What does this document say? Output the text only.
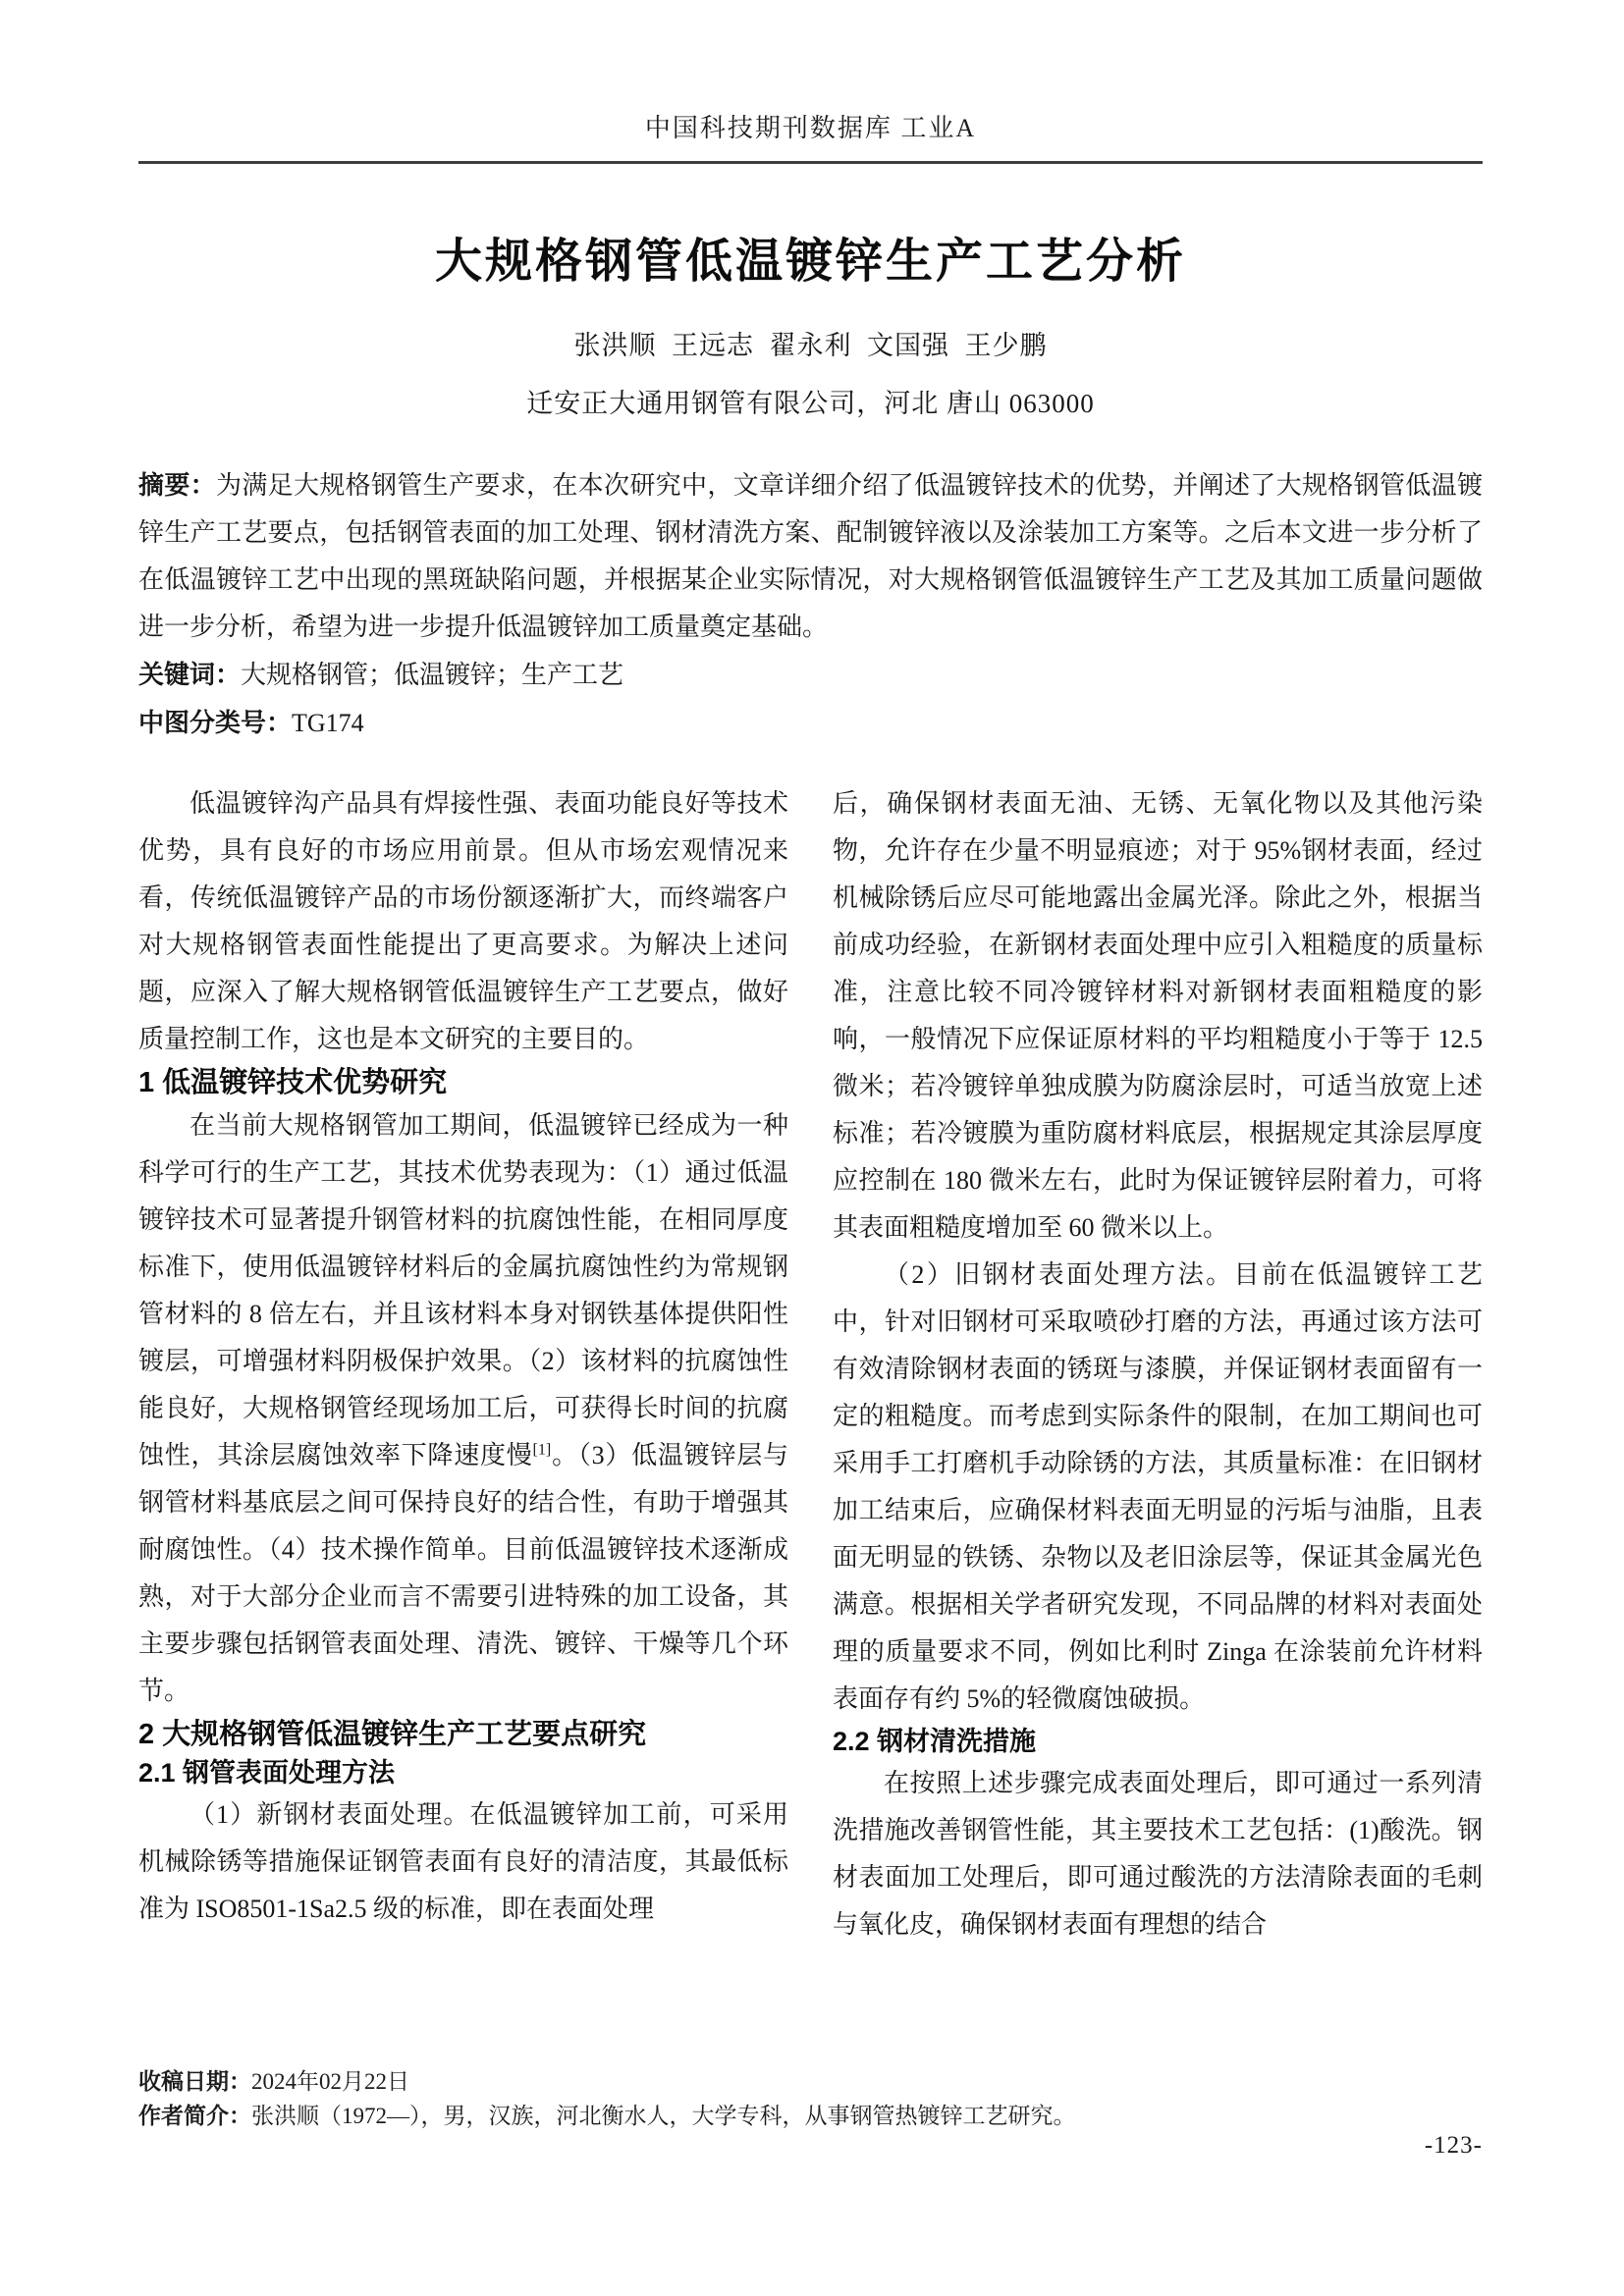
中国科技期刊数据库 工业A
大规格钢管低温镀锌生产工艺分析
张洪顺  王远志  翟永利  文国强  王少鹏
迁安正大通用钢管有限公司，河北 唐山 063000

摘要：为满足大规格钢管生产要求，在本次研究中，文章详细介绍了低温镀锌技术的优势，并阐述了大规格钢管低温镀锌生产工艺要点，包括钢管表面的加工处理、钢材清洗方案、配制镀锌液以及涂装加工方案等。之后本文进一步分析了在低温镀锌工艺中出现的黑斑缺陷问题，并根据某企业实际情况，对大规格钢管低温镀锌生产工艺及其加工质量问题做进一步分析，希望为进一步提升低温镀锌加工质量奠定基础。

关键词：大规格钢管；低温镀锌；生产工艺

中图分类号：TG174

低温镀锌沟产品具有焊接性强、表面功能良好等技术优势，具有良好的市场应用前景。但从市场宏观情况来看，传统低温镀锌产品的市场份额逐渐扩大，而终端客户对大规格钢管表面性能提出了更高要求。为解决上述问题，应深入了解大规格钢管低温镀锌生产工艺要点，做好质量控制工作，这也是本文研究的主要目的。

1 低温镀锌技术优势研究

在当前大规格钢管加工期间，低温镀锌已经成为一种科学可行的生产工艺，其技术优势表现为：（1）通过低温镀锌技术可显著提升钢管材料的抗腐蚀性能，在相同厚度标准下，使用低温镀锌材料后的金属抗腐蚀性约为常规钢管材料的 8 倍左右，并且该材料本身对钢铁基体提供阳性镀层，可增强材料阴极保护效果。（2）该材料的抗腐蚀性能良好，大规格钢管经现场加工后，可获得长时间的抗腐蚀性，其涂层腐蚀效率下降速度慢[1]。（3）低温镀锌层与钢管材料基底层之间可保持良好的结合性，有助于增强其耐腐蚀性。（4）技术操作简单。目前低温镀锌技术逐渐成熟，对于大部分企业而言不需要引进特殊的加工设备，其主要步骤包括钢管表面处理、清洗、镀锌、干燥等几个环节。

2 大规格钢管低温镀锌生产工艺要点研究

2.1 钢管表面处理方法

（1）新钢材表面处理。在低温镀锌加工前，可采用机械除锈等措施保证钢管表面有良好的清洁度，其最低标准为 ISO8501-1Sa2.5 级的标准，即在表面处理

后，确保钢材表面无油、无锈、无氧化物以及其他污染物，允许存在少量不明显痕迹；对于 95%钢材表面，经过机械除锈后应尽可能地露出金属光泽。除此之外，根据当前成功经验，在新钢材表面处理中应引入粗糙度的质量标准，注意比较不同冷镀锌材料对新钢材表面粗糙度的影响，一般情况下应保证原材料的平均粗糙度小于等于 12.5 微米；若冷镀锌单独成膜为防腐涂层时，可适当放宽上述标准；若冷镀膜为重防腐材料底层，根据规定其涂层厚度应控制在 180 微米左右，此时为保证镀锌层附着力，可将其表面粗糙度增加至 60 微米以上。

（2）旧钢材表面处理方法。目前在低温镀锌工艺中，针对旧钢材可采取喷砂打磨的方法，再通过该方法可有效清除钢材表面的锈斑与漆膜，并保证钢材表面留有一定的粗糙度。而考虑到实际条件的限制，在加工期间也可采用手工打磨机手动除锈的方法，其质量标准：在旧钢材加工结束后，应确保材料表面无明显的污垢与油脂，且表面无明显的铁锈、杂物以及老旧涂层等，保证其金属光色满意。根据相关学者研究发现，不同品牌的材料对表面处理的质量要求不同，例如比利时 Zinga 在涂装前允许材料表面存有约 5%的轻微腐蚀破损。

2.2 钢材清洗措施

在按照上述步骤完成表面处理后，即可通过一系列清洗措施改善钢管性能，其主要技术工艺包括：(1)酸洗。钢材表面加工处理后，即可通过酸洗的方法清除表面的毛刺与氧化皮，确保钢材表面有理想的结合

收稿日期：2024年02月22日

作者简介：张洪顺（1972—），男，汉族，河北衡水人，大学专科，从事钢管热镀锌工艺研究。

-123-
